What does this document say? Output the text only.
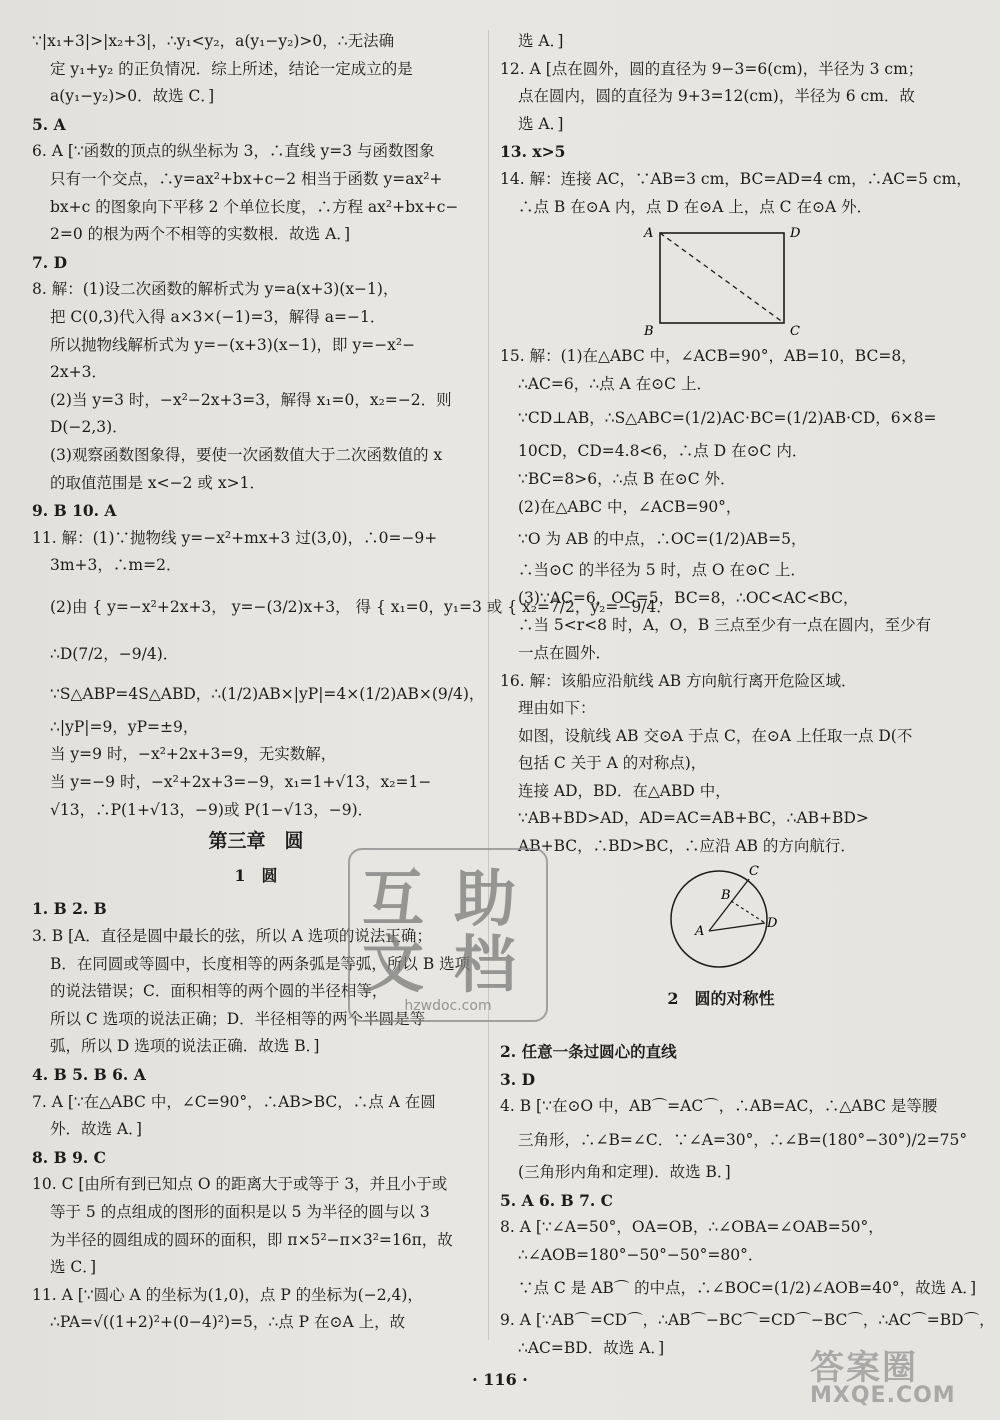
∵|x₁+3|>|x₂+3|，∴y₁<y₂，a(y₁−y₂)>0，∴无法确
定 y₁+y₂ 的正负情况．综上所述，结论一定成立的是
a(y₁−y₂)>0．故选 C．]
5. A
6. A [∵函数的顶点的纵坐标为 3，∴直线 y=3 与函数图象
只有一个交点，∴y=ax²+bx+c−2 相当于函数 y=ax²+
bx+c 的图象向下平移 2 个单位长度，∴方程 ax²+bx+c−
2=0 的根为两个不相等的实数根．故选 A．]
7. D
8. 解：(1)设二次函数的解析式为 y=a(x+3)(x−1)，
把 C(0,3)代入得 a×3×(−1)=3，解得 a=−1．
所以抛物线解析式为 y=−(x+3)(x−1)，即 y=−x²−
2x+3．
(2)当 y=3 时，−x²−2x+3=3，解得 x₁=0，x₂=−2．则
D(−2,3)．
(3)观察函数图象得，要使一次函数值大于二次函数值的 x
的取值范围是 x<−2 或 x>1．
9. B 10. A
11. 解：(1)∵抛物线 y=−x²+mx+3 过(3,0)，∴0=−9+
3m+3，∴m=2．
(2)由 { y=−x²+2x+3， y=−(3/2)x+3， 得 { x₁=0，y₁=3 或 { x₂=7/2，y₂=−9/4．
∴D(7/2，−9/4)．
∵S△ABP=4S△ABD，∴(1/2)AB×|yP|=4×(1/2)AB×(9/4)，
∴|yP|=9，yP=±9，
当 y=9 时，−x²+2x+3=9，无实数解，
当 y=−9 时，−x²+2x+3=−9，x₁=1+√13，x₂=1−
√13，∴P(1+√13，−9)或 P(1−√13，−9)．
第三章　圆
1　圆
1. B 2. B
3. B [A．直径是圆中最长的弦，所以 A 选项的说法正确；
B．在同圆或等圆中，长度相等的两条弧是等弧，所以 B 选项
的说法错误；C．面积相等的两个圆的半径相等，
所以 C 选项的说法正确；D．半径相等的两个半圆是等
弧，所以 D 选项的说法正确．故选 B．]
4. B 5. B 6. A
7. A [∵在△ABC 中，∠C=90°，∴AB>BC，∴点 A 在圆
外．故选 A．]
8. B 9. C
10. C [由所有到已知点 O 的距离大于或等于 3，并且小于或
等于 5 的点组成的图形的面积是以 5 为半径的圆与以 3
为半径的圆组成的圆环的面积，即 π×5²−π×3²=16π，故
选 C．]
11. A [∵圆心 A 的坐标为(1,0)，点 P 的坐标为(−2,4)，
∴PA=√((1+2)²+(0−4)²)=5，∴点 P 在⊙A 上，故
选 A．]
12. A [点在圆外，圆的直径为 9−3=6(cm)，半径为 3 cm；
点在圆内，圆的直径为 9+3=12(cm)，半径为 6 cm．故
选 A．]
13. x>5
14. 解：连接 AC，∵AB=3 cm，BC=AD=4 cm，∴AC=5 cm，
∴点 B 在⊙A 内，点 D 在⊙A 上，点 C 在⊙A 外．
A	D
B	C
15. 解：(1)在△ABC 中，∠ACB=90°，AB=10，BC=8，
∴AC=6，∴点 A 在⊙C 上．
∵CD⊥AB，∴S△ABC=(1/2)AC·BC=(1/2)AB·CD，6×8=
10CD，CD=4.8<6，∴点 D 在⊙C 内．
∵BC=8>6，∴点 B 在⊙C 外．
(2)在△ABC 中，∠ACB=90°，
∵O 为 AB 的中点，∴OC=(1/2)AB=5，
∴当⊙C 的半径为 5 时，点 O 在⊙C 上．
(3)∵AC=6，OC=5，BC=8，∴OC<AC<BC，
∴当 5<r<8 时，A，O，B 三点至少有一点在圆内，至少有
一点在圆外．
16. 解：该船应沿航线 AB 方向航行离开危险区域．
理由如下：
如图，设航线 AB 交⊙A 于点 C，在⊙A 上任取一点 D(不
包括 C 关于 A 的对称点)，
连接 AD，BD．在△ABD 中，
∵AB+BD>AD，AD=AC=AB+BC，∴AB+BD>
AB+BC，∴BD>BC，∴应沿 AB 的方向航行．
A
B
C
D
2　圆的对称性
2. 任意一条过圆心的直线
3. D
4. B [∵在⊙O 中，AB⌒=AC⌒，∴AB=AC，∴△ABC 是等腰
三角形，∴∠B=∠C．∵∠A=30°，∴∠B=(180°−30°)/2=75°
(三角形内角和定理)．故选 B．]
5. A 6. B 7. C
8. A [∵∠A=50°，OA=OB，∴∠OBA=∠OAB=50°，
∴∠AOB=180°−50°−50°=80°．
∵点 C 是 AB⌒ 的中点，∴∠BOC=(1/2)∠AOB=40°，故选 A．]
9. A [∵AB⌒=CD⌒，∴AB⌒−BC⌒=CD⌒−BC⌒，∴AC⌒=BD⌒，
∴AC=BD．故选 A．]
互 助
文 档
hzwdoc.com
· 116 ·	答案圈
MXQE.COM
